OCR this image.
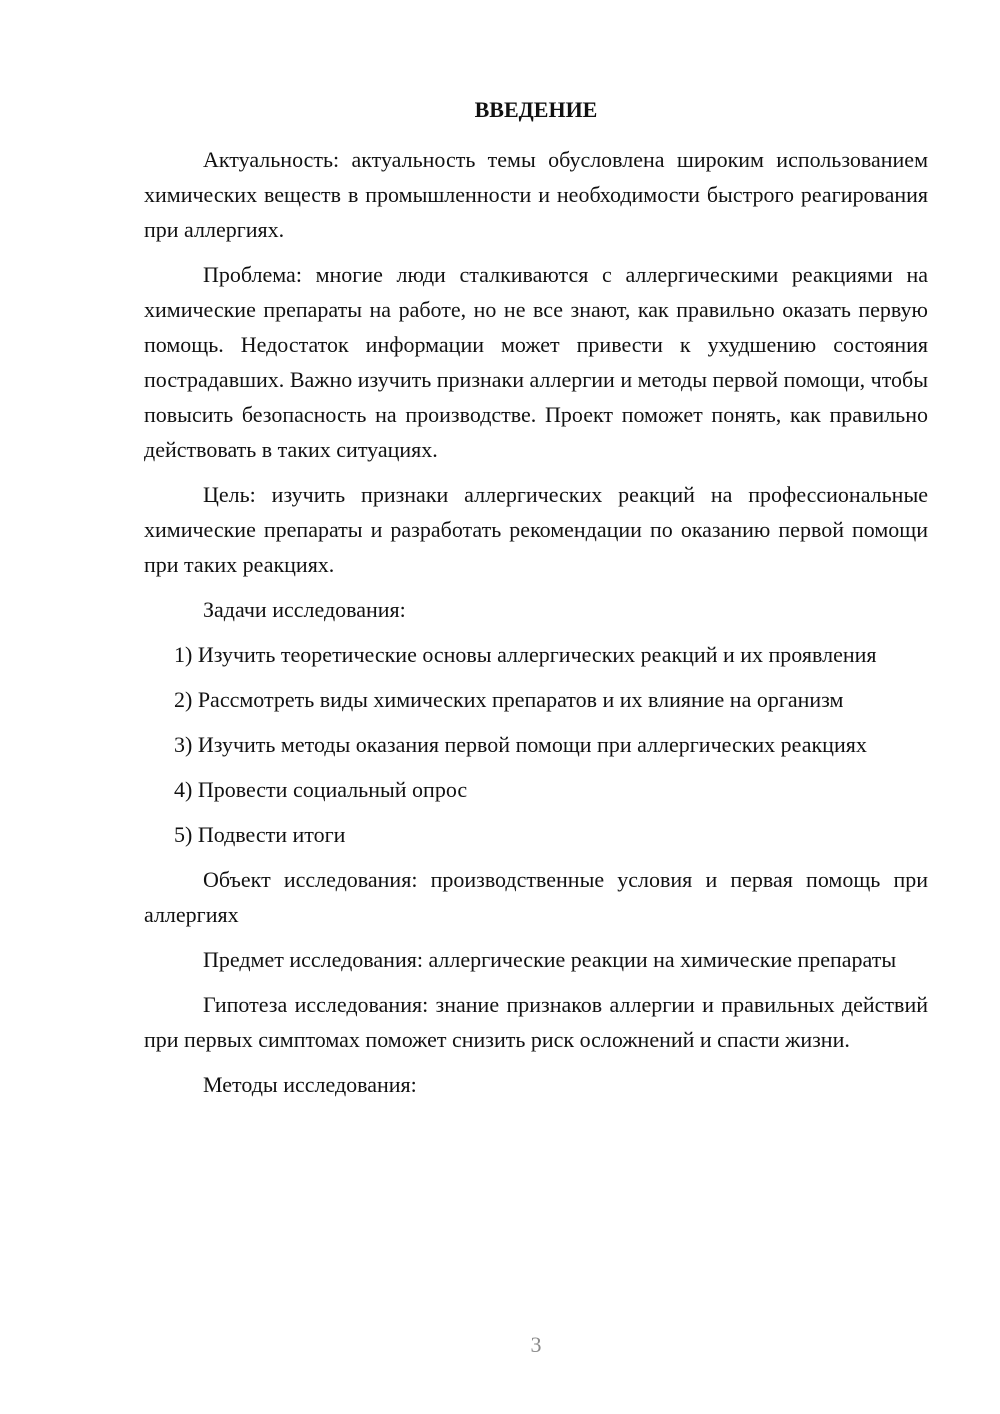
ВВЕДЕНИЕ

Актуальность: актуальность темы обусловлена широким использованием химических веществ в промышленности и необходимости быстрого реагирования при аллергиях.

Проблема: многие люди сталкиваются с аллергическими реакциями на химические препараты на работе, но не все знают, как правильно оказать первую помощь. Недостаток информации может привести к ухудшению состояния пострадавших. Важно изучить признаки аллергии и методы первой помощи, чтобы повысить безопасность на производстве. Проект поможет понять, как правильно действовать в таких ситуациях.

Цель: изучить признаки аллергических реакций на профессиональные химические препараты и разработать рекомендации по оказанию первой помощи при таких реакциях.

Задачи исследования:

1) Изучить теоретические основы аллергических реакций и их проявления

2) Рассмотреть виды химических препаратов и их влияние на организм

3) Изучить методы оказания первой помощи при аллергических реакциях

4) Провести социальный опрос

5) Подвести итоги

Объект исследования: производственные условия и первая помощь при аллергиях

Предмет исследования: аллергические реакции на химические препараты

Гипотеза исследования: знание признаков аллергии и правильных действий при первых симптомах поможет снизить риск осложнений и спасти жизни.

Методы исследования:

3
